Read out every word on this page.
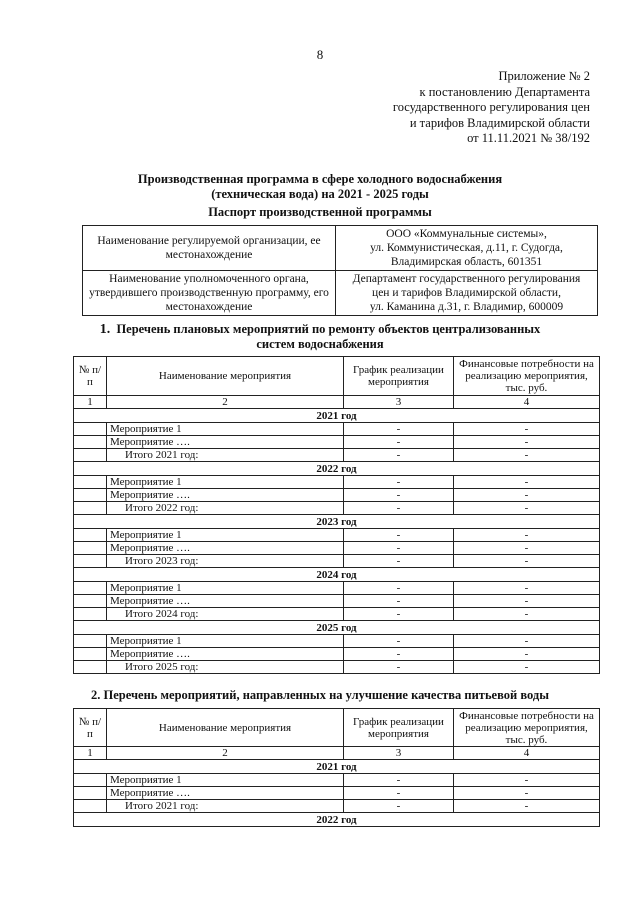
8
Приложение № 2
к постановлению Департамента
государственного регулирования цен
и тарифов Владимирской области
от 11.11.2021 № 38/192
Производственная программа в сфере холодного водоснабжения
(техническая вода) на 2021 - 2025 годы
Паспорт производственной программы
Наименование регулируемой организации, ее местонахождение	ООО «Коммунальные системы»,
ул. Коммунистическая, д.11, г. Судогда,
Владимирская область, 601351

Наименование уполномоченного органа, утвердившего производственную программу, его местонахождение	Департамент государственного регулирования
цен и тарифов Владимирской области,
ул. Каманина д.31, г. Владимир, 600009
1. Перечень плановых мероприятий по ремонту объектов централизованных
систем водоснабжения
№ п/п	Наименование мероприятия	График реализации мероприятия	Финансовые потребности на реализацию мероприятия, тыс. руб.
1	2	3	4
2021 год			
	Мероприятие 1	-	-
	Мероприятие ….	-	-
	Итого 2021 год:	-	-
2022 год			
	Мероприятие 1	-	-
	Мероприятие ….	-	-
	Итого 2022 год:	-	-
2023 год			
	Мероприятие 1	-	-
	Мероприятие ….	-	-
	Итого 2023 год:	-	-
2024 год			
	Мероприятие 1	-	-
	Мероприятие ….	-	-
	Итого 2024 год:	-	-
2025 год			
	Мероприятие 1	-	-
	Мероприятие ….	-	-
	Итого 2025 год:	-	-
2. Перечень мероприятий, направленных на улучшение качества питьевой воды
№ п/п	Наименование мероприятия	График реализации мероприятия	Финансовые потребности на реализацию мероприятия, тыс. руб.
1	2	3	4
2021 год			
	Мероприятие 1	-	-
	Мероприятие ….	-	-
	Итого 2021 год:	-	-
2022 год			
